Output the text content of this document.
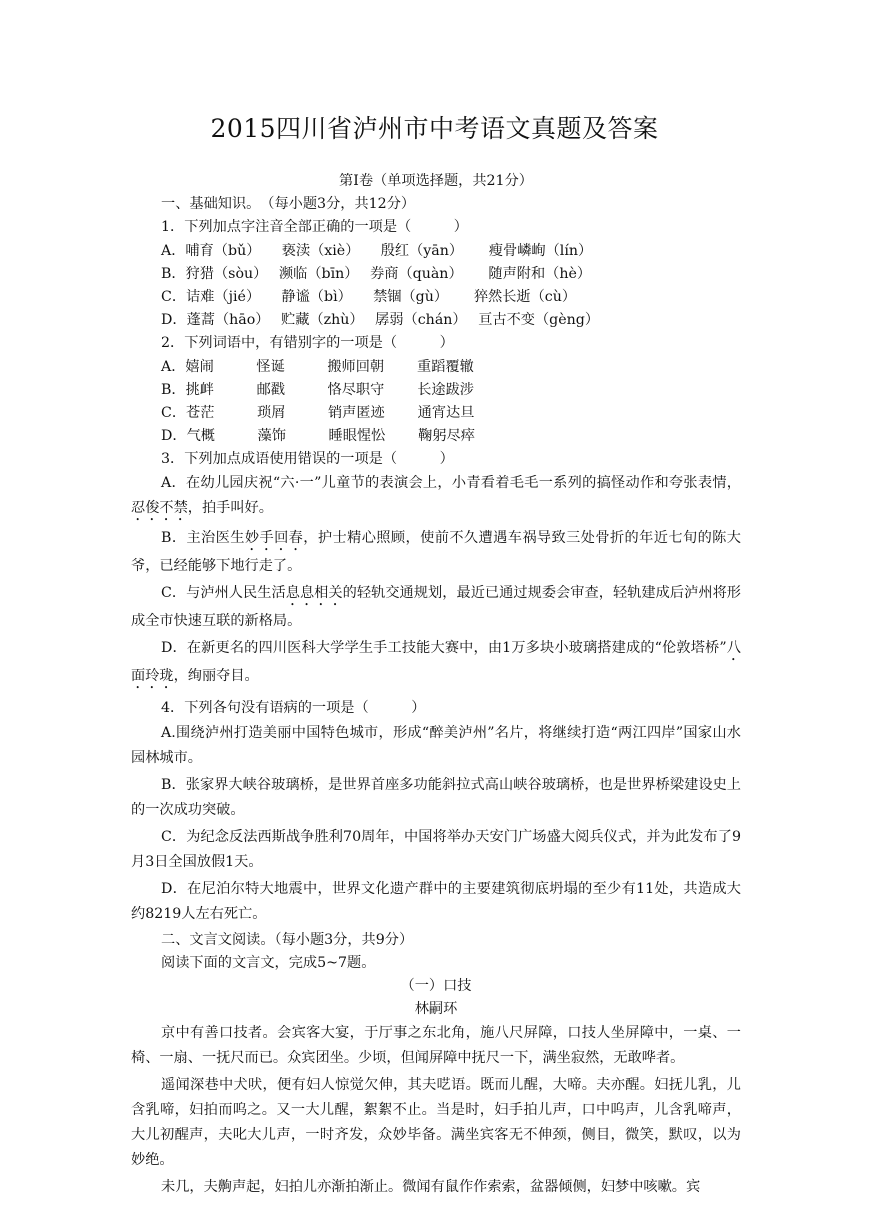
2015四川省泸州市中考语文真题及答案
第Ⅰ卷（单项选择题，共21分）
一、基础知识。　（每小题3分，共12分）
1．下列加点字注音全部正确的一项是（　　　）
A．哺育（bǔ）　　 亵渎（xiè）　　 殷红（yān）　　 瘦骨嶙峋（lín）
B．狩猎（sòu）　 濒临（bīn）　 券商（quàn）　　 随声附和（hè）
C．诘难（jié）　　 静谧（bì）　　 禁锢（gù）　　 猝然长逝（cù）
D．蓬蒿（hāo）　 贮藏（zhù）　 孱弱（chán）　 亘古不变（gèng）
2．下列词语中，有错别字的一项是（　　　）
A．嬉闹　　　	怪诞　　　	搬师回朝　　 重蹈覆辙
B．挑衅　　　	邮戳　　　	恪尽职守　　 长途跋涉
C．苍茫　　　	琐屑　　　	销声匿迹　　 通宵达旦
D．气概　　　	藻饰　　　	睡眼惺忪　　 鞠躬尽瘁
3．下列加点成语使用错误的一项是（　　　）
A．在幼儿园庆祝“六·一”儿童节的表演会上，小青看着毛毛一系列的搞怪动作和夸张表情，忍俊不禁，拍手叫好。
B．主治医生妙手回春，护士精心照顾，使前不久遭遇车祸导致三处骨折的年近七旬的陈大爷，已经能够下地行走了。
C．与泸州人民生活息息相关的轻轨交通规划，最近已通过规委会审查，轻轨建成后泸州将形成全市快速互联的新格局。
D．在新更名的四川医科大学学生手工技能大赛中，由1万多块小玻璃搭建成的“伦敦塔桥”八面玲珑，绚丽夺目。
4．下列各句没有语病的一项是（　　　）
A.围绕泸州打造美丽中国特色城市，形成“醉美泸州”名片，将继续打造“两江四岸”国家山水园林城市。
B．张家界大峡谷玻璃桥，是世界首座多功能斜拉式高山峡谷玻璃桥，也是世界桥梁建设史上的一次成功突破。
C．为纪念反法西斯战争胜利70周年，中国将举办天安门广场盛大阅兵仪式，并为此发布了9月3日全国放假1天。
D．在尼泊尔特大地震中，世界文化遗产群中的主要建筑彻底坍塌的至少有11处，共造成大约8219人左右死亡。
二、文言文阅读。（每小题3分，共9分）
阅读下面的文言文，完成5~7题。
（一）口技
林嗣环
京中有善口技者。会宾客大宴，于厅事之东北角，施八尺屏障，口技人坐屏障中，一桌、一椅、一扇、一抚尺而已。众宾团坐。少顷，但闻屏障中抚尺一下，满坐寂然，无敢哗者。
遥闻深巷中犬吠，便有妇人惊觉欠伸，其夫呓语。既而儿醒，大啼。夫亦醒。妇抚儿乳，儿含乳啼，妇拍而呜之。又一大儿醒，絮絮不止。当是时，妇手拍儿声，口中呜声，儿含乳啼声，大儿初醒声，夫叱大儿声，一时齐发，众妙毕备。满坐宾客无不伸颈，侧目，微笑，默叹，以为妙绝。
未几，夫齁声起，妇拍儿亦渐拍渐止。微闻有鼠作作索索，盆器倾侧，妇梦中咳嗽。宾
